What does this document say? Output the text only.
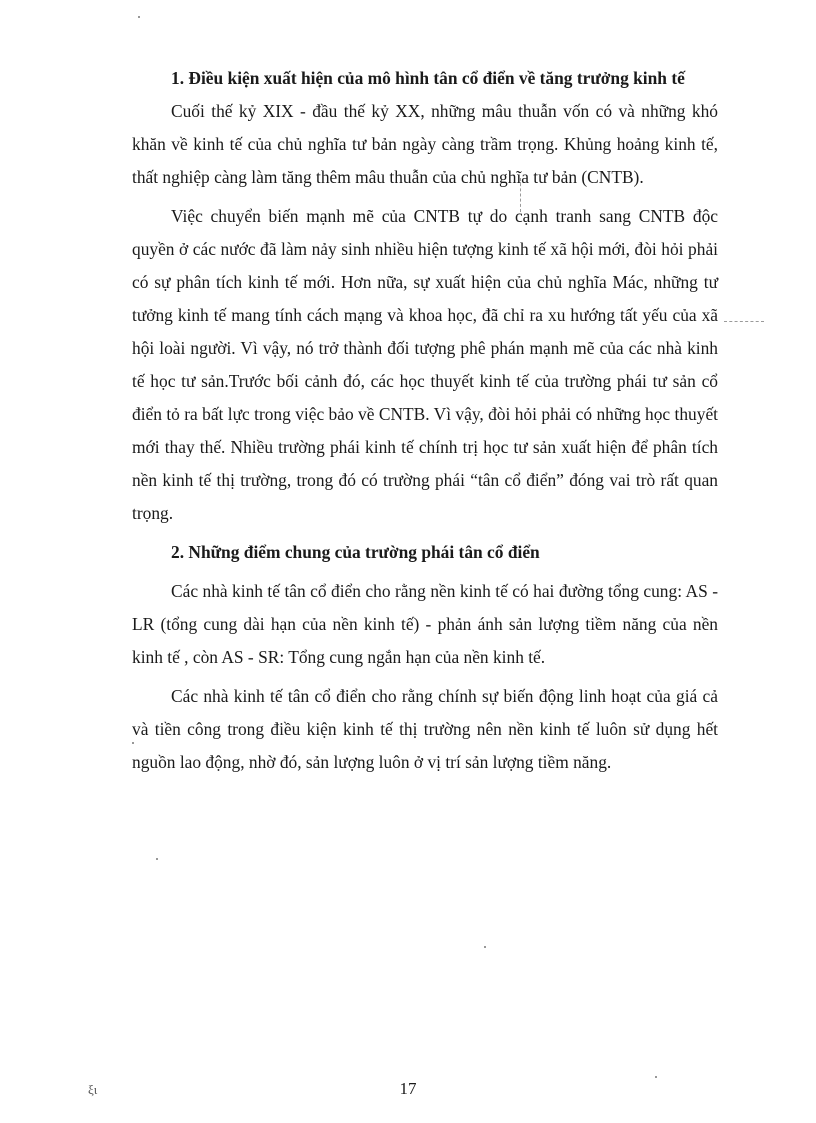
1. Điều kiện xuất hiện của mô hình tân cổ điển về tăng trưởng kinh tế

Cuối thế kỷ XIX - đầu thế kỷ XX, những mâu thuẫn vốn có và những khó khăn về kinh tế của chủ nghĩa tư bản ngày càng trầm trọng. Khủng hoảng kinh tế, thất nghiệp càng làm tăng thêm mâu thuẫn của chủ nghĩa tư bản (CNTB).

Việc chuyển biến mạnh mẽ của CNTB tự do cạnh tranh sang CNTB độc quyền ở các nước đã làm nảy sinh nhiều hiện tượng kinh tế xã hội mới, đòi hỏi phải có sự phân tích kinh tế mới. Hơn nữa, sự xuất hiện của chủ nghĩa Mác, những tư tưởng kinh tế mang tính cách mạng và khoa học, đã chỉ ra xu hướng tất yếu của xã hội loài người. Vì vậy, nó trở thành đối tượng phê phán mạnh mẽ của các nhà kinh tế học tư sản.Trước bối cảnh đó, các học thuyết kinh tế của trường phái tư sản cổ điển tỏ ra bất lực trong việc bảo về CNTB. Vì vậy, đòi hỏi phải có những học thuyết mới thay thế. Nhiều trường phái kinh tế chính trị học tư sản xuất hiện để phân tích nền kinh tế thị trường, trong đó có trường phái “tân cổ điển” đóng vai trò rất quan trọng.

2. Những điểm chung của trường phái tân cổ điển

Các nhà kinh tế tân cổ điển cho rằng nền kinh tế có hai đường tổng cung: AS - LR (tổng cung dài hạn của nền kinh tế) - phản ánh sản lượng tiềm năng của nền kinh tế , còn AS - SR: Tổng cung ngắn hạn của nền kinh tế.

Các nhà kinh tế tân cổ điển cho rằng chính sự biến động linh hoạt của giá cả và tiền công trong điều kiện kinh tế thị trường nên nền kinh tế luôn sử dụng hết nguồn lao động, nhờ đó, sản lượng luôn ở vị trí sản lượng tiềm năng.

ξι	17
